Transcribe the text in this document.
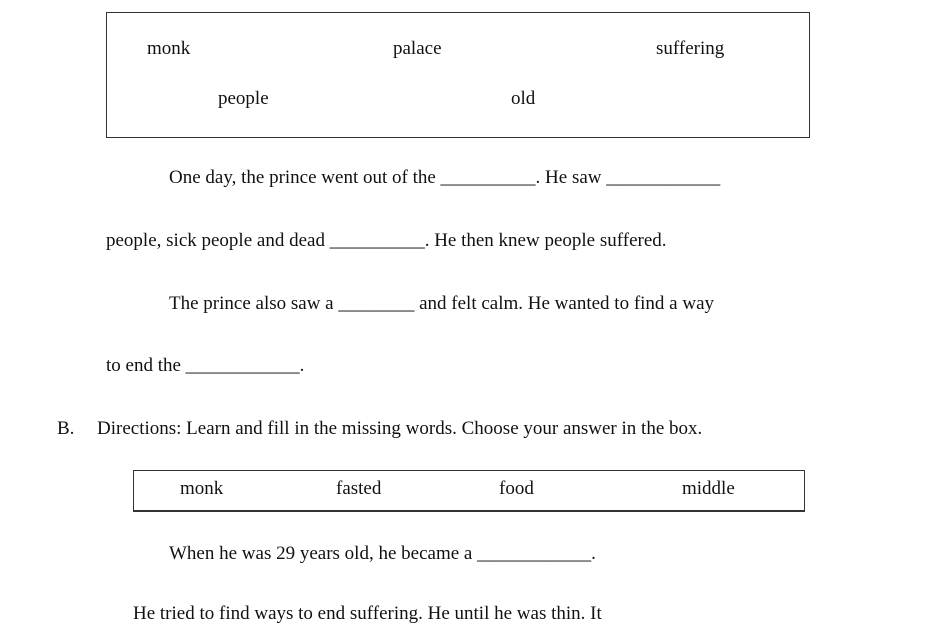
monk	palace	suffering
people	old
One day, the prince went out of the __________. He saw ____________
people, sick people and dead __________. He then knew people suffered.
The prince also saw a ________ and felt calm. He wanted to find a way
to end the ____________.
B. Directions: Learn and fill in the missing words. Choose your answer in the box.
monk	fasted	food	middle
When he was 29 years old, he became a ____________.
He tried to find ways to end suffering. He until he was thin. It
